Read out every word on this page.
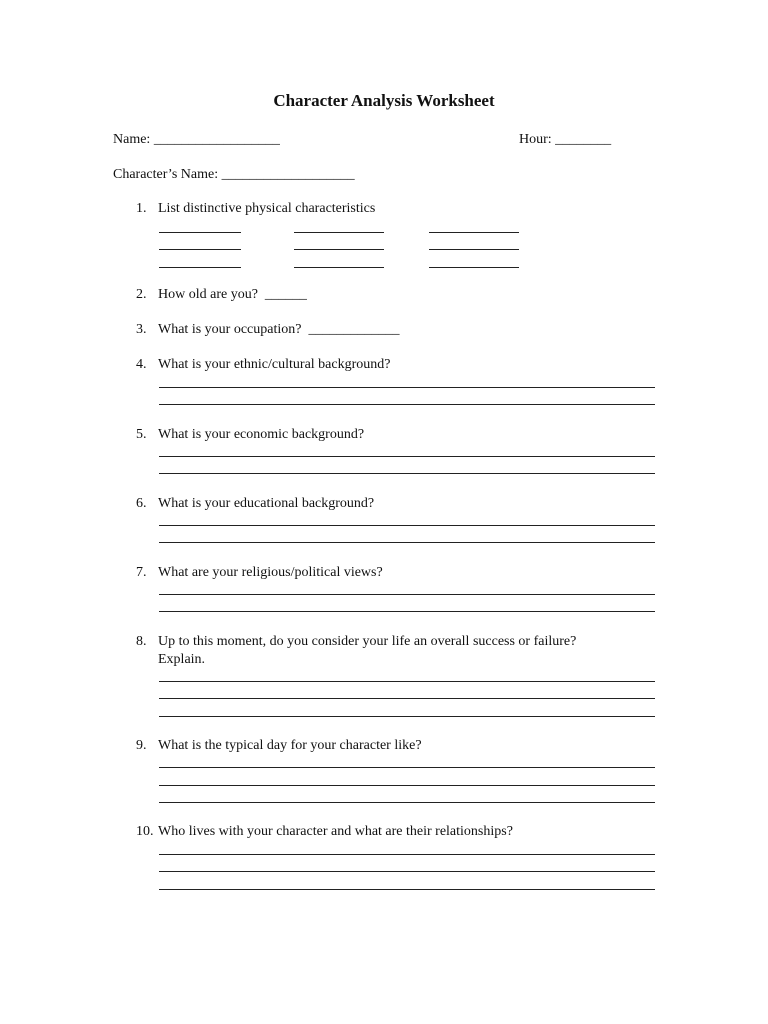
Character Analysis Worksheet
Name: __________________	Hour: ________
Character’s Name: ___________________
1. List distinctive physical characteristics
2. How old are you?  ______
3. What is your occupation?  _____________
4. What is your ethnic/cultural background?
5. What is your economic background?
6. What is your educational background?
7. What are your religious/political views?
8. Up to this moment, do you consider your life an overall success or failure?
Explain.
9. What is the typical day for your character like?
10. Who lives with your character and what are their relationships?
